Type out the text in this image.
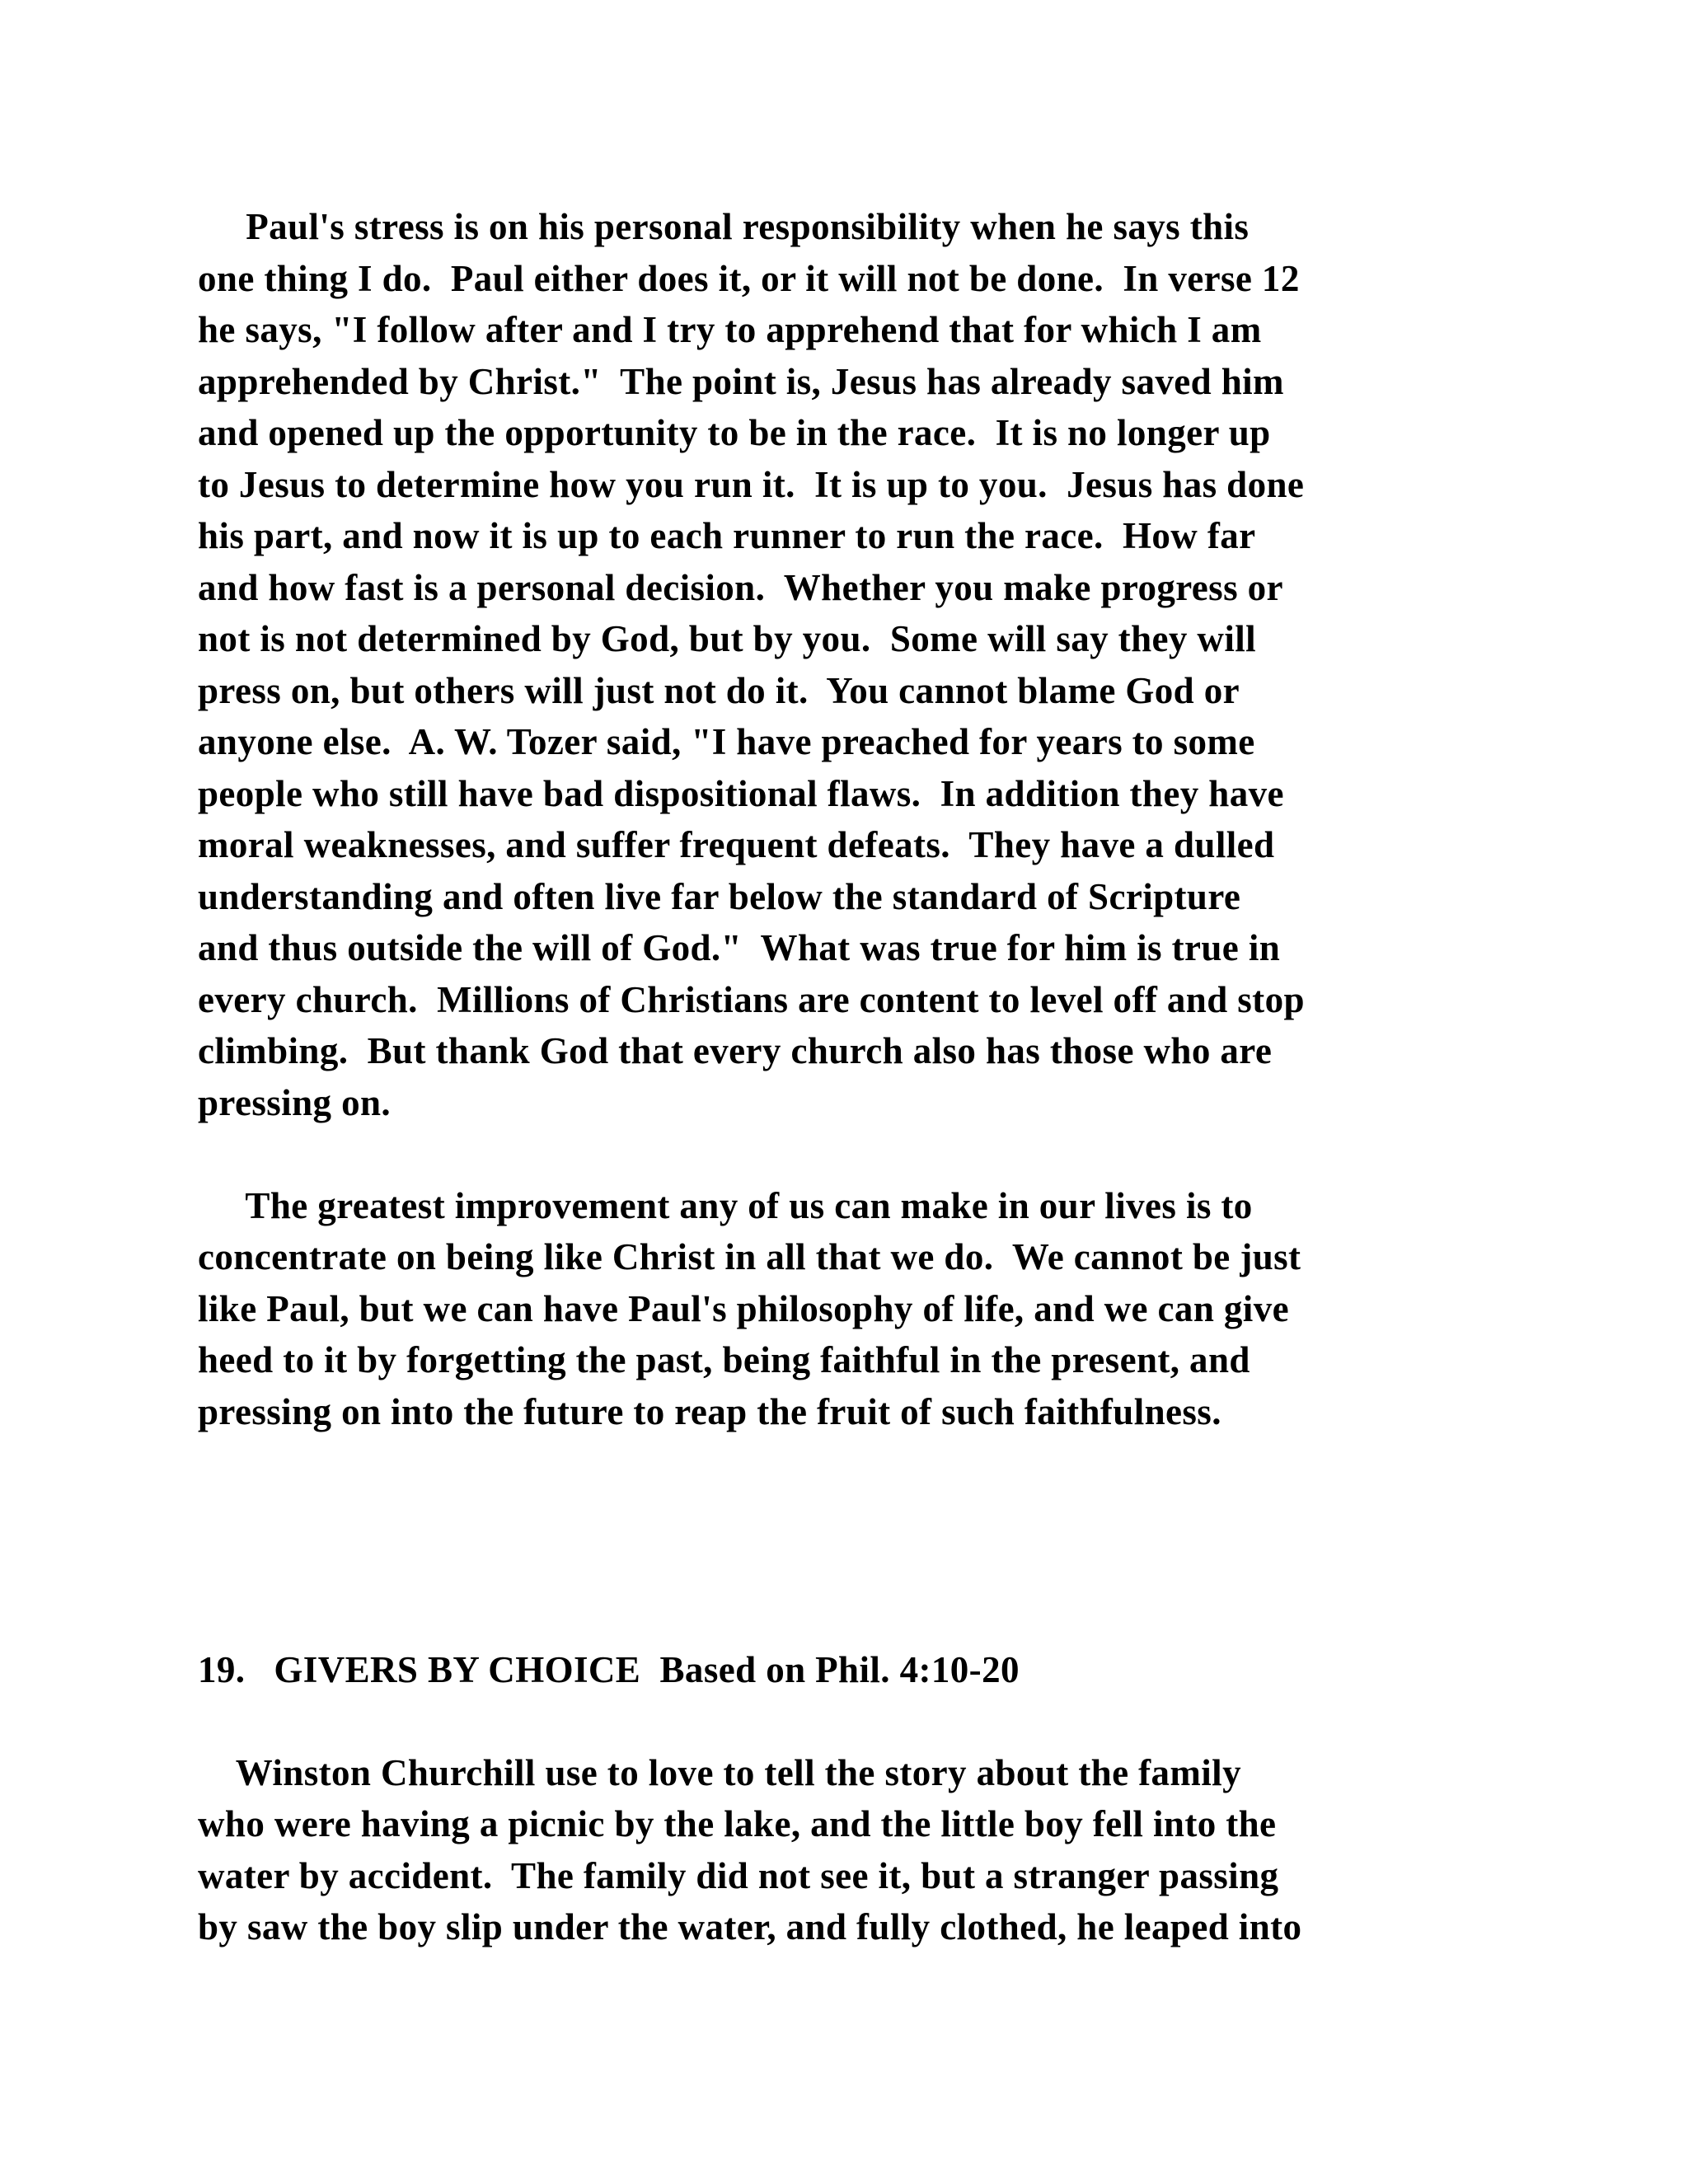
Paul's stress is on his personal responsibility when he says this
one thing I do.  Paul either does it, or it will not be done.  In verse 12
he says, "I follow after and I try to apprehend that for which I am
apprehended by Christ."  The point is, Jesus has already saved him
and opened up the opportunity to be in the race.  It is no longer up
to Jesus to determine how you run it.  It is up to you.  Jesus has done
his part, and now it is up to each runner to run the race.  How far
and how fast is a personal decision.  Whether you make progress or
not is not determined by God, but by you.  Some will say they will
press on, but others will just not do it.  You cannot blame God or
anyone else.  A. W. Tozer said, "I have preached for years to some
people who still have bad dispositional flaws.  In addition they have
moral weaknesses, and suffer frequent defeats.  They have a dulled
understanding and often live far below the standard of Scripture
and thus outside the will of God."  What was true for him is true in
every church.  Millions of Christians are content to level off and stop
climbing.  But thank God that every church also has those who are
pressing on.
The greatest improvement any of us can make in our lives is to
concentrate on being like Christ in all that we do.  We cannot be just
like Paul, but we can have Paul's philosophy of life, and we can give
heed to it by forgetting the past, being faithful in the present, and
pressing on into the future to reap the fruit of such faithfulness.
19.   GIVERS BY CHOICE  Based on Phil. 4:10-20
Winston Churchill use to love to tell the story about the family
who were having a picnic by the lake, and the little boy fell into the
water by accident.  The family did not see it, but a stranger passing
by saw the boy slip under the water, and fully clothed, he leaped into
